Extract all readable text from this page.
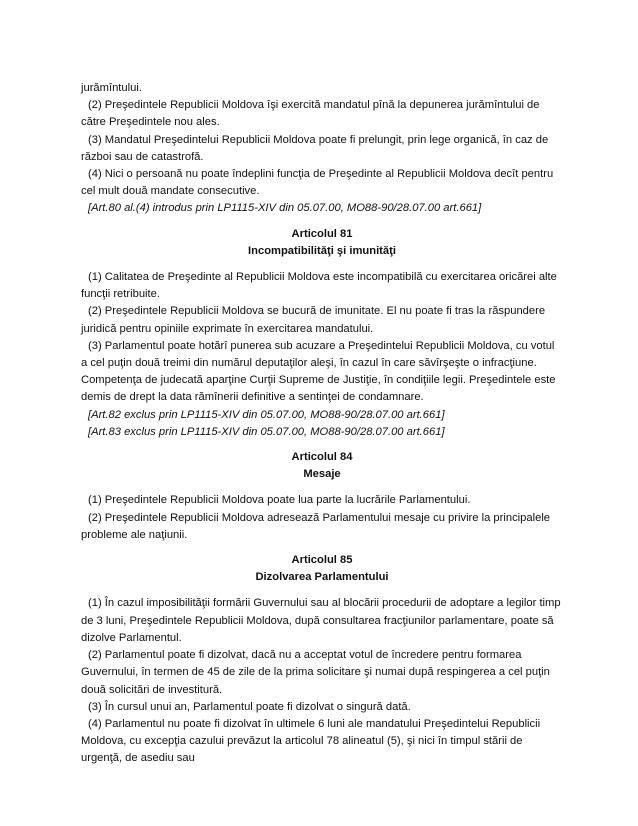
jurămîntului.

(2) Preşedintele Republicii Moldova îşi exercită mandatul pînă la depunerea jurămîntului de către Preşedintele nou ales.

(3) Mandatul Preşedintelui Republicii Moldova poate fi prelungit, prin lege organică, în caz de război sau de catastrofă.

(4) Nici o persoană nu poate îndeplini funcţia de Preşedinte al Republicii Moldova decît pentru cel mult două mandate consecutive.

[Art.80 al.(4) introdus prin LP1115-XIV din 05.07.00, MO88-90/28.07.00 art.661]

Articolul 81

Incompatibilităţi şi imunităţi

(1) Calitatea de Preşedinte al Republicii Moldova este incompatibilă cu exercitarea oricărei alte funcţii retribuite.

(2) Preşedintele Republicii Moldova se bucură de imunitate. El nu poate fi tras la răspundere juridică pentru opiniile exprimate în exercitarea mandatului.

(3) Parlamentul poate hotărî punerea sub acuzare a Preşedintelui Republicii Moldova, cu votul a cel puţin două treimi din numărul deputaţilor aleşi, în cazul în care săvîrşeşte o infracţiune. Competenţa de judecată aparţine Curţii Supreme de Justiţie, în condiţiile legii. Preşedintele este demis de drept la data rămînerii definitive a sentinţei de condamnare.

[Art.82 exclus prin LP1115-XIV din 05.07.00, MO88-90/28.07.00 art.661]

[Art.83 exclus prin LP1115-XIV din 05.07.00, MO88-90/28.07.00 art.661]

Articolul 84

Mesaje

(1) Preşedintele Republicii Moldova poate lua parte la lucrările Parlamentului.

(2) Preşedintele Republicii Moldova adresează Parlamentului mesaje cu privire la principalele probleme ale naţiunii.

Articolul 85

Dizolvarea Parlamentului

(1) În cazul imposibilităţii formării Guvernului sau al blocării procedurii de adoptare a legilor timp de 3 luni, Preşedintele Republicii Moldova, după consultarea fracţiunilor parlamentare, poate să dizolve Parlamentul.

(2) Parlamentul poate fi dizolvat, dacă nu a acceptat votul de încredere pentru formarea Guvernului, în termen de 45 de zile de la prima solicitare şi numai după respingerea a cel puţin două solicitări de investitură.

(3) În cursul unui an, Parlamentul poate fi dizolvat o singură dată.

(4) Parlamentul nu poate fi dizolvat în ultimele 6 luni ale mandatului Preşedintelui Republicii Moldova, cu excepţia cazului prevăzut la articolul 78 alineatul (5), şi nici în timpul stării de urgenţă, de asediu sau
